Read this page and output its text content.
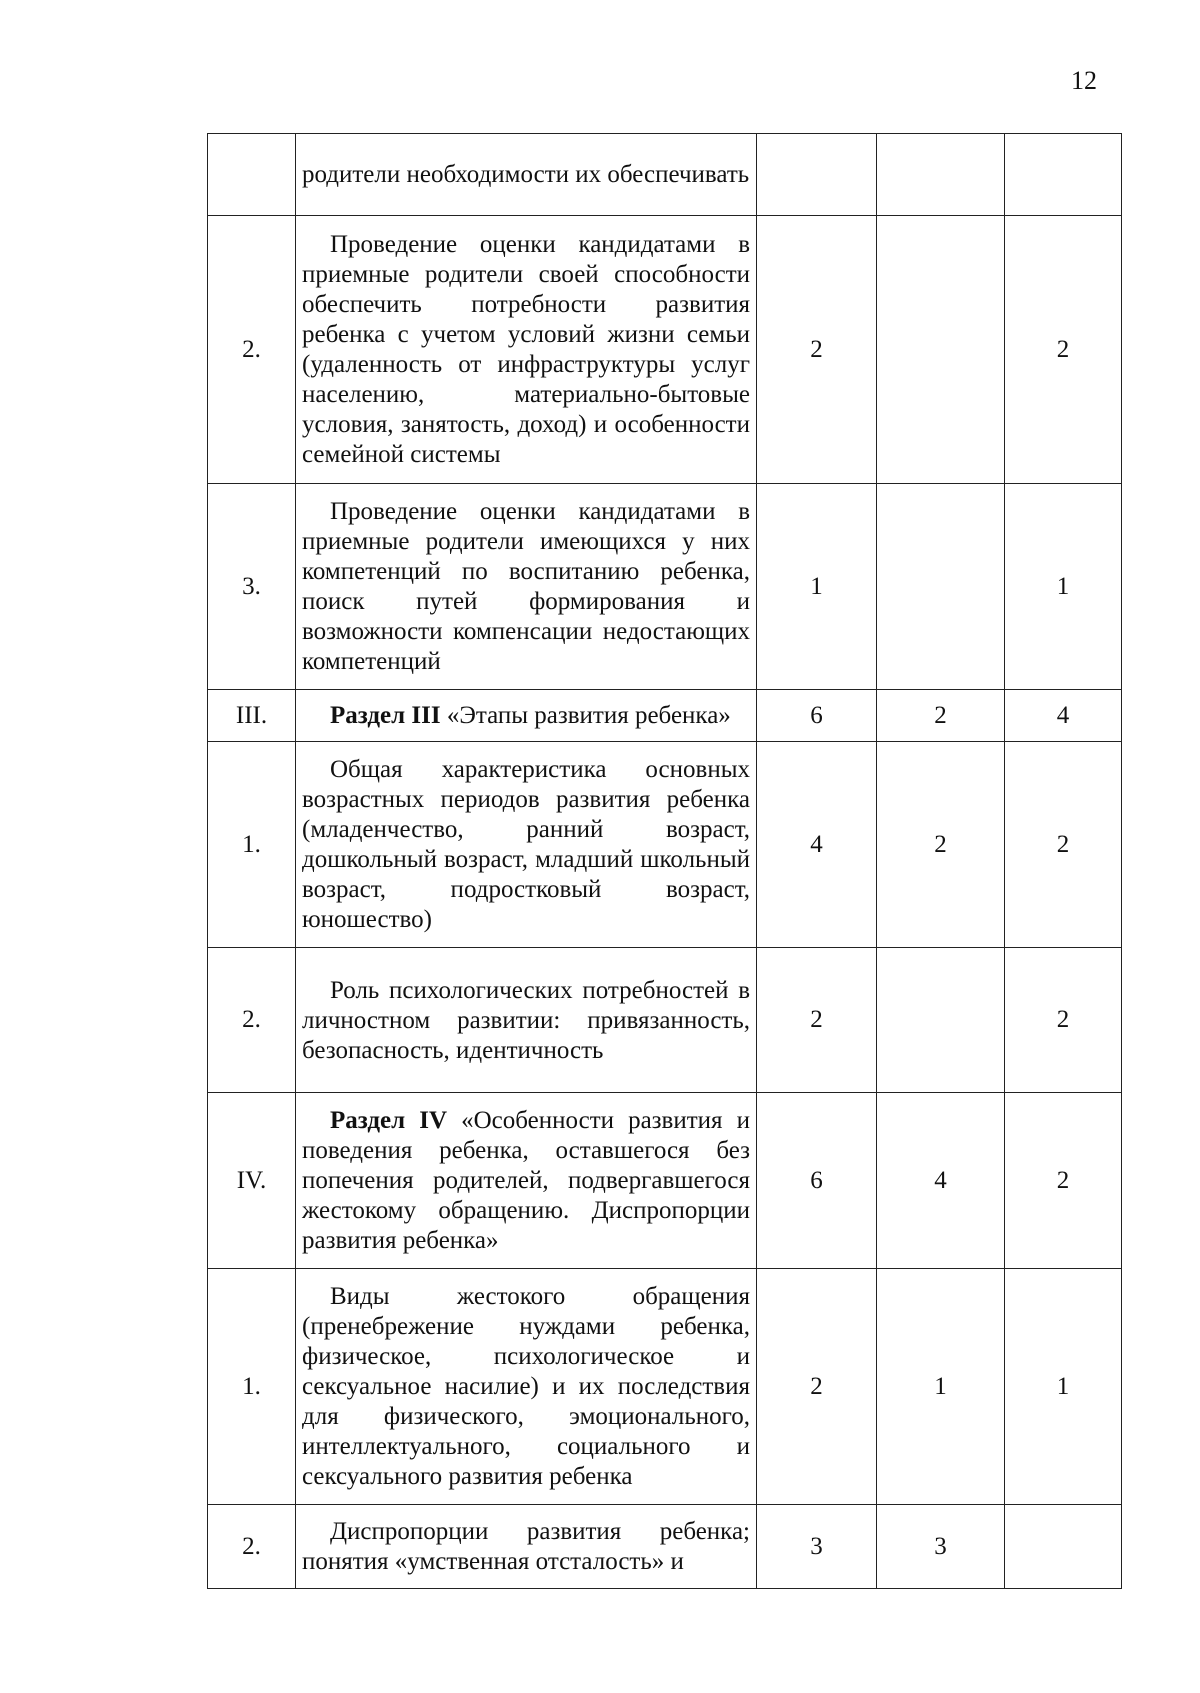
12
	родители необходимости их обеспечивать			
2.	Проведение оценки кандидатами в приемные родители своей способности обеспечить потребности развития ребенка с учетом условий жизни семьи (удаленность от инфраструктуры услуг населению, материально-бытовые условия, занятость, доход) и особенности семейной системы	2		2
3.	Проведение оценки кандидатами в приемные родители имеющихся у них компетенций по воспитанию ребенка, поиск путей формирования и возможности компенсации недостающих компетенций	1		1
III.	Раздел III «Этапы развития ребенка»	6	2	4
1.	Общая характеристика основных возрастных периодов развития ребенка (младенчество, ранний возраст, дошкольный возраст, младший школьный возраст, подростковый возраст, юношество)	4	2	2
2.	Роль психологических потребностей в личностном развитии: привязанность, безопасность, идентичность	2		2
IV.	Раздел IV «Особенности развития и поведения ребенка, оставшегося без попечения родителей, подвергавшегося жестокому обращению. Диспропорции развития ребенка»	6	4	2
1.	Виды жестокого обращения (пренебрежение нуждами ребенка, физическое, психологическое и сексуальное насилие) и их последствия для физического, эмоционального, интеллектуального, социального и сексуального развития ребенка	2	1	1
2.	Диспропорции развития ребенка; понятия «умственная отсталость» и	3	3	
